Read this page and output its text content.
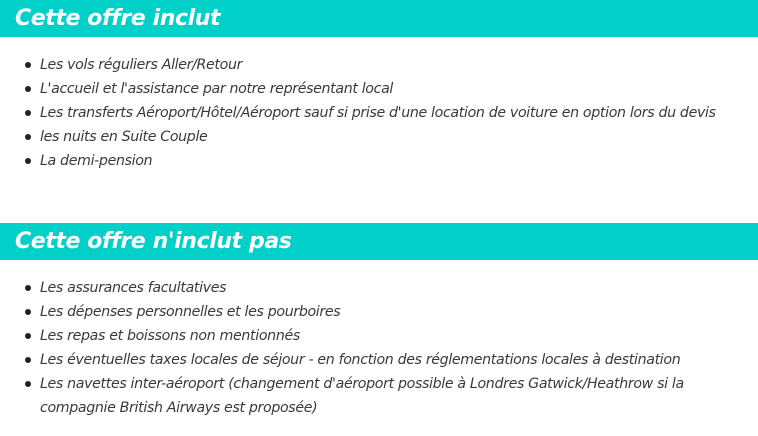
Cette offre inclut
Les vols réguliers Aller/Retour
L'accueil et l'assistance par notre représentant local
Les transferts Aéroport/Hôtel/Aéroport sauf si prise d'une location de voiture en option lors du devis
les nuits en Suite Couple
La demi-pension
Cette offre n'inclut pas
Les assurances facultatives
Les dépenses personnelles et les pourboires
Les repas et boissons non mentionnés
Les éventuelles taxes locales de séjour - en fonction des réglementations locales à destination
Les navettes inter-aéroport (changement d'aéroport possible à Londres Gatwick/Heathrow si la compagnie British Airways est proposée)
